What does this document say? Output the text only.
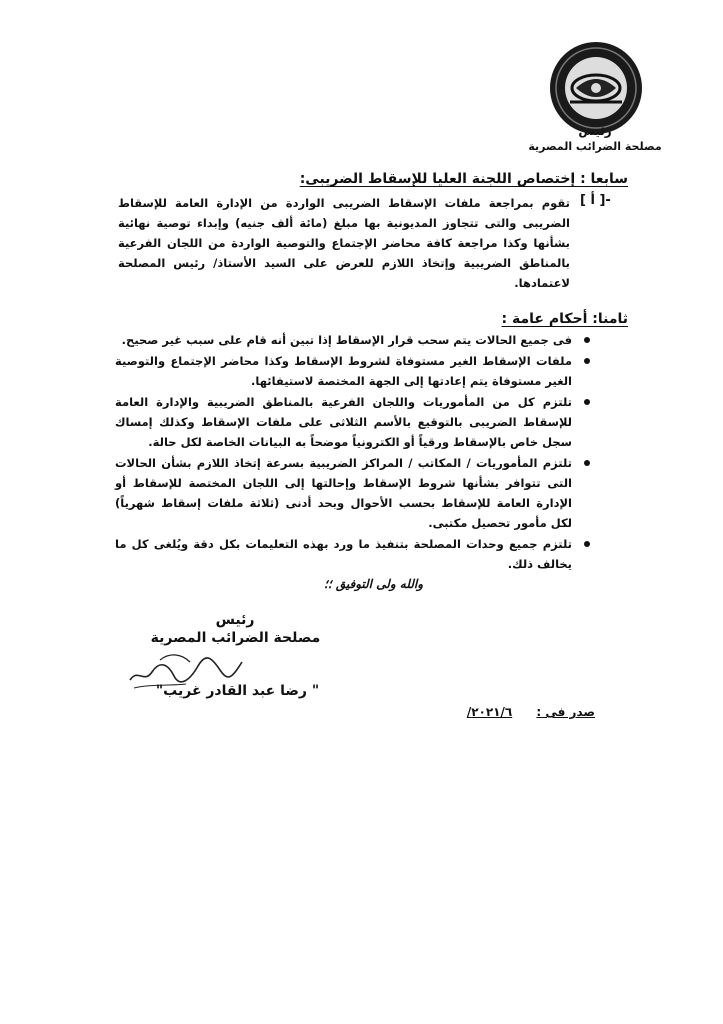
رئيس
مصلحة الضرائب المصرية
سابعا : إختصاص اللجنة العليا للإسقاط الضريبى:
[ أ ]-
تقوم بمراجعة ملفات الإسقاط الضريبى الواردة من الإدارة العامة للإسقاط الضريبى والتى تتجاوز المديونية بها مبلغ (مائة ألف جنيه) وإبداء توصية نهائية بشأنها وكذا مراجعة كافة محاضر الإجتماع والتوصية الواردة من اللجان الفرعية بالمناطق الضريبية وإتخاذ اللازم للعرض على السيد الأستاذ/ رئيس المصلحة لاعتمادها.
ثامنا: أحكام عامة :
فى جميع الحالات يتم سحب قرار الإسقاط إذا تبين أنه قام على سبب غير صحيح.
ملفات الإسقاط الغير مستوفاة لشروط الإسقاط وكذا محاضر الإجتماع والتوصية الغير مستوفاة يتم إعادتها إلى الجهة المختصة لاستيفائها.
تلتزم كل من المأموريات واللجان الفرعية بالمناطق الضريبية والإدارة العامة للإسقاط الضريبى بالتوقيع بالأسم الثلاثى على ملفات الإسقاط وكذلك إمساك سجل خاص بالإسقاط ورقياً أو الكترونياً موضحاً به البيانات الخاصة لكل حالة.
تلتزم المأموريات / المكاتب / المراكز الضريبية بسرعة إتخاذ اللازم بشأن الحالات التى تتوافر بشأنها شروط الإسقاط وإحالتها إلى اللجان المختصة للإسقاط أو الإدارة العامة للإسقاط بحسب الأحوال وبحد أدنى (ثلاثة ملفات إسقاط شهرياً) لكل مأمور تحصيل مكتبى.
تلتزم جميع وحدات المصلحة بتنفيذ ما ورد بهذه التعليمات بكل دقة ويُلغى كل ما يخالف ذلك.
والله ولى التوفيق ؛؛
رئيس
مصلحة الضرائب المصرية
" رضا عبد القادر غريب"
صدر فى : ٢٠٢١/٦/
